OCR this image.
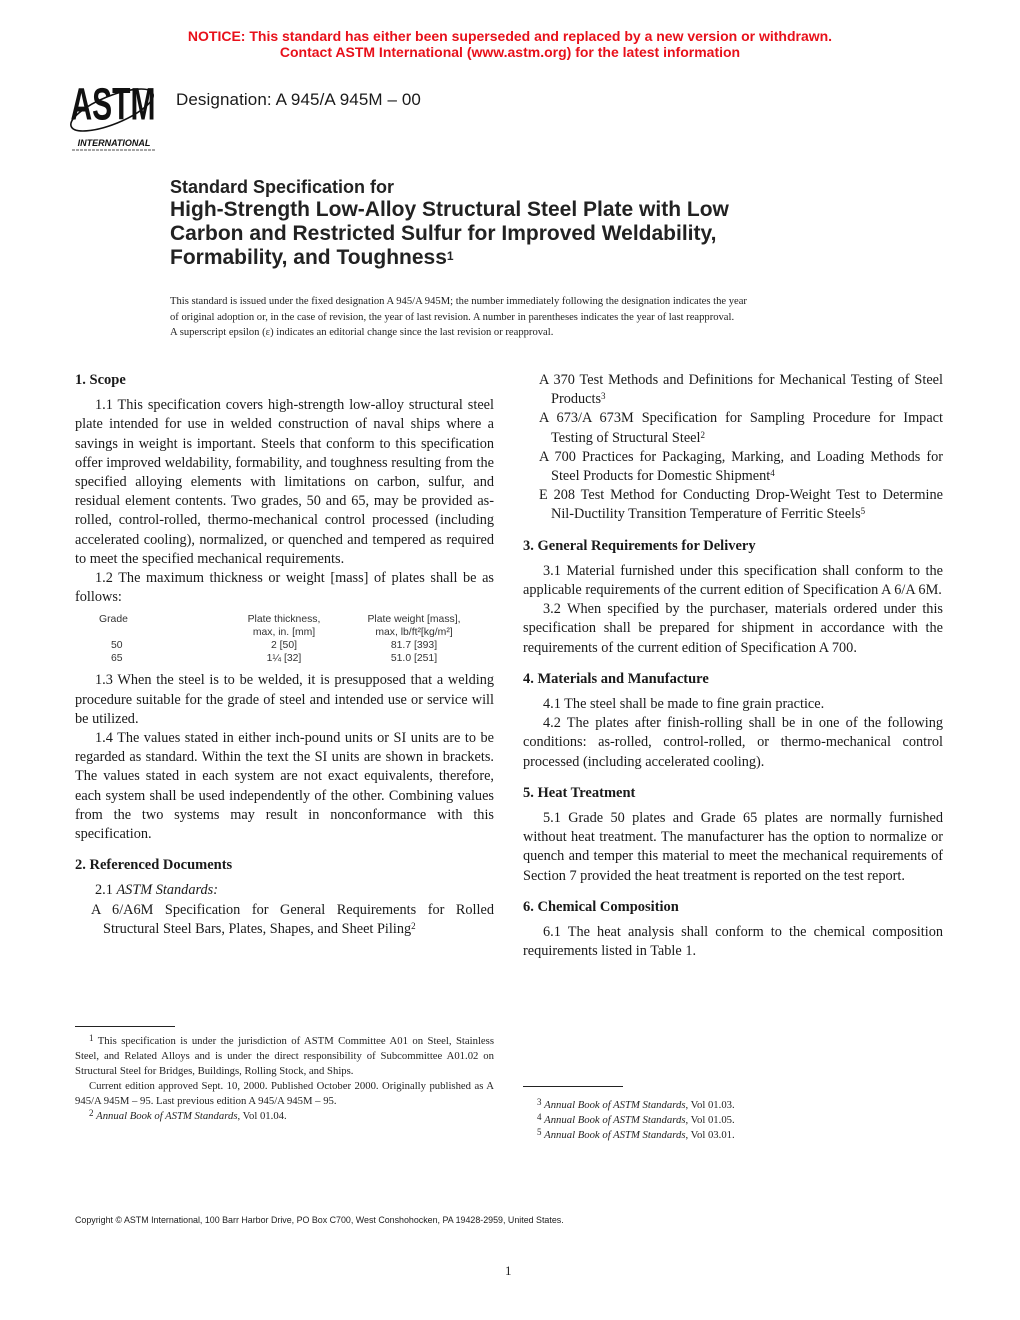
NOTICE: This standard has either been superseded and replaced by a new version or withdrawn.
Contact ASTM International (www.astm.org) for the latest information
ASTM
INTERNATIONAL
Designation: A 945/A 945M – 00
Standard Specification for
High-Strength Low-Alloy Structural Steel Plate with Low
Carbon and Restricted Sulfur for Improved Weldability,
Formability, and Toughness$^1$

This standard is issued under the fixed designation A 945/A 945M; the number immediately following the designation indicates the year

of original adoption or, in the case of revision, the year of last revision. A number in parentheses indicates the year of last reapproval.

A superscript epsilon (ε) indicates an editorial change since the last revision or reapproval.

1. Scope

1.1 This specification covers high-strength low-alloy structural steel plate intended for use in welded construction of naval ships where a savings in weight is important. Steels that conform to this specification offer improved weldability, formability, and toughness resulting from the specified alloying elements with limitations on carbon, sulfur, and residual element contents. Two grades, 50 and 65, may be provided as-rolled, control-rolled, thermo-mechanical control processed (including accelerated cooling), normalized, or quenched and tempered as required to meet the specified mechanical requirements.

1.2 The maximum thickness or weight [mass] of plates shall be as follows:

Grade	Plate thickness,	Plate weight [mass],
	max, in. [mm]	max, lb/ft²[kg/m²]
50	2 [50]	81.7 [393]
65	1¼ [32]	51.0 [251]

1.3 When the steel is to be welded, it is presupposed that a welding procedure suitable for the grade of steel and intended use or service will be utilized.

1.4 The values stated in either inch-pound units or SI units are to be regarded as standard. Within the text the SI units are shown in brackets. The values stated in each system are not exact equivalents, therefore, each system shall be used independently of the other. Combining values from the two systems may result in nonconformance with this specification.

2. Referenced Documents

2.1 ASTM Standards:

A 6/A6M Specification for General Requirements for Rolled Structural Steel Bars, Plates, Shapes, and Sheet Piling$^2$

$^1$ This specification is under the jurisdiction of ASTM Committee A01 on Steel, Stainless Steel, and Related Alloys and is under the direct responsibility of Subcommittee A01.02 on Structural Steel for Bridges, Buildings, Rolling Stock, and Ships.

Current edition approved Sept. 10, 2000. Published October 2000. Originally published as A 945/A 945M – 95. Last previous edition A 945/A 945M – 95.

$^2$ Annual Book of ASTM Standards, Vol 01.04.

A 370 Test Methods and Definitions for Mechanical Testing of Steel Products$^3$

A 673/A 673M Specification for Sampling Procedure for Impact Testing of Structural Steel$^2$

A 700 Practices for Packaging, Marking, and Loading Methods for Steel Products for Domestic Shipment$^4$

E 208 Test Method for Conducting Drop-Weight Test to Determine Nil-Ductility Transition Temperature of Ferritic Steels$^5$

3. General Requirements for Delivery

3.1 Material furnished under this specification shall conform to the applicable requirements of the current edition of Specification A 6/A 6M.

3.2 When specified by the purchaser, materials ordered under this specification shall be prepared for shipment in accordance with the requirements of the current edition of Specification A 700.

4. Materials and Manufacture

4.1 The steel shall be made to fine grain practice.

4.2 The plates after finish-rolling shall be in one of the following conditions: as-rolled, control-rolled, or thermo-mechanical control processed (including accelerated cooling).

5. Heat Treatment

5.1 Grade 50 plates and Grade 65 plates are normally furnished without heat treatment. The manufacturer has the option to normalize or quench and temper this material to meet the mechanical requirements of Section 7 provided the heat treatment is reported on the test report.

6. Chemical Composition

6.1 The heat analysis shall conform to the chemical composition requirements listed in Table 1.

$^3$ Annual Book of ASTM Standards, Vol 01.03.

$^4$ Annual Book of ASTM Standards, Vol 01.05.

$^5$ Annual Book of ASTM Standards, Vol 03.01.

Copyright © ASTM International, 100 Barr Harbor Drive, PO Box C700, West Conshohocken, PA 19428-2959, United States.
1
